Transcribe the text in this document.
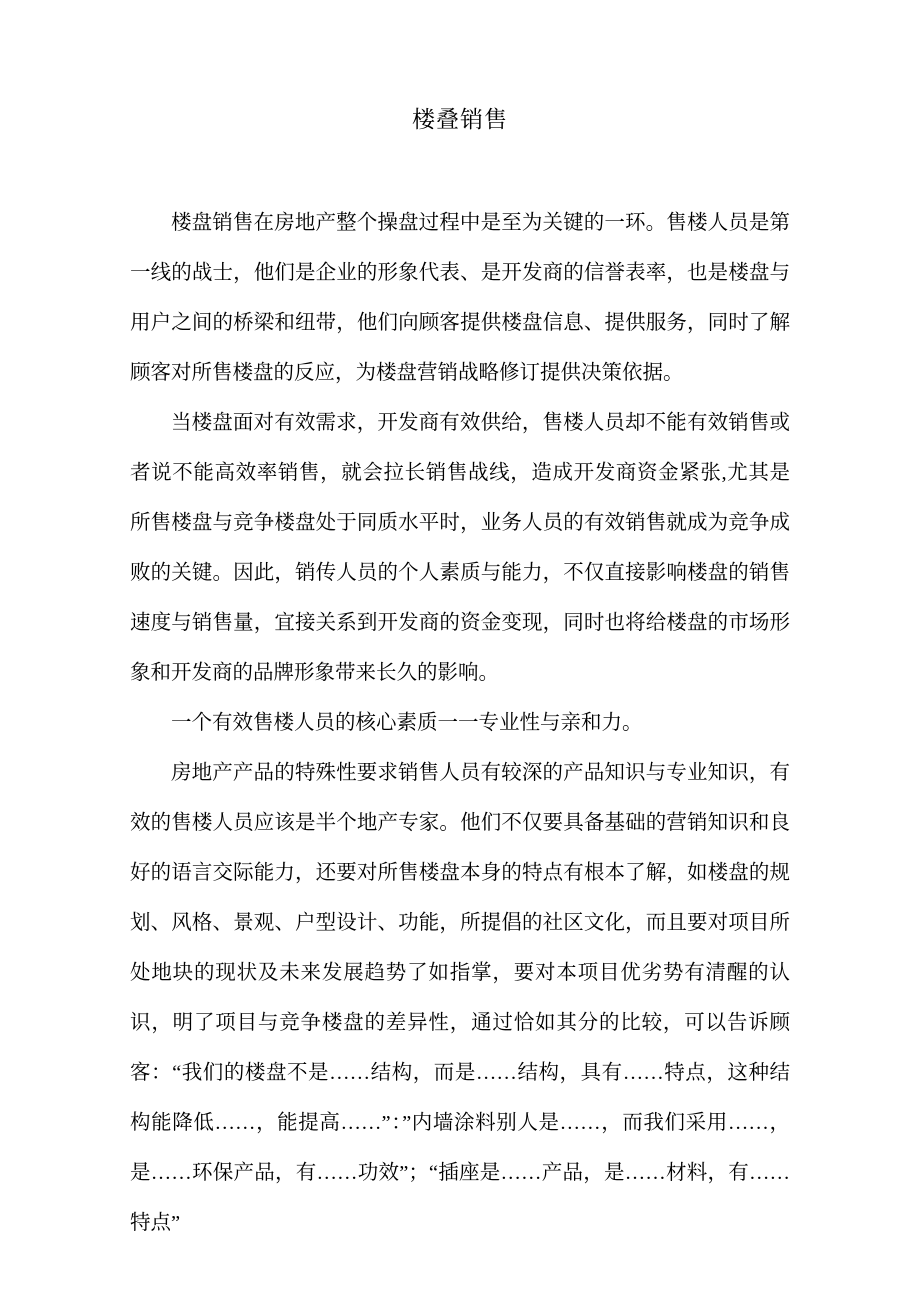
楼叠销售

楼盘销售在房地产整个操盘过程中是至为关键的一环。售楼人员是第一线的战士，他们是企业的形象代表、是开发商的信誉表率，也是楼盘与用户之间的桥梁和纽带，他们向顾客提供楼盘信息、提供服务，同时了解顾客对所售楼盘的反应，为楼盘营销战略修订提供决策依据。

当楼盘面对有效需求，开发商有效供给，售楼人员却不能有效销售或者说不能高效率销售，就会拉长销售战线，造成开发商资金紧张,尤其是所售楼盘与竞争楼盘处于同质水平时，业务人员的有效销售就成为竞争成败的关键。因此，销传人员的个人素质与能力，不仅直接影响楼盘的销售速度与销售量，宜接关系到开发商的资金变现，同时也将给楼盘的市场形象和开发商的品牌形象带来长久的影响。

一个有效售楼人员的核心素质一一专业性与亲和力。

房地产产品的特殊性要求销售人员有较深的产品知识与专业知识，有效的售楼人员应该是半个地产专家。他们不仅要具备基础的营销知识和良好的语言交际能力，还要对所售楼盘本身的特点有根本了解，如楼盘的规划、风格、景观、户型设计、功能，所提倡的社区文化，而且要对项目所处地块的现状及未来发展趋势了如指掌，要对本项目优劣势有清醒的认识，明了项目与竞争楼盘的差异性，通过恰如其分的比较，可以告诉顾客：“我们的楼盘不是……结构，而是……结构，具有……特点，这种结构能降低……，能提高……”：”内墙涂料别人是……，而我们采用……，是……环保产品，有……功效”；“插座是……产品，是……材料，有……特点”
